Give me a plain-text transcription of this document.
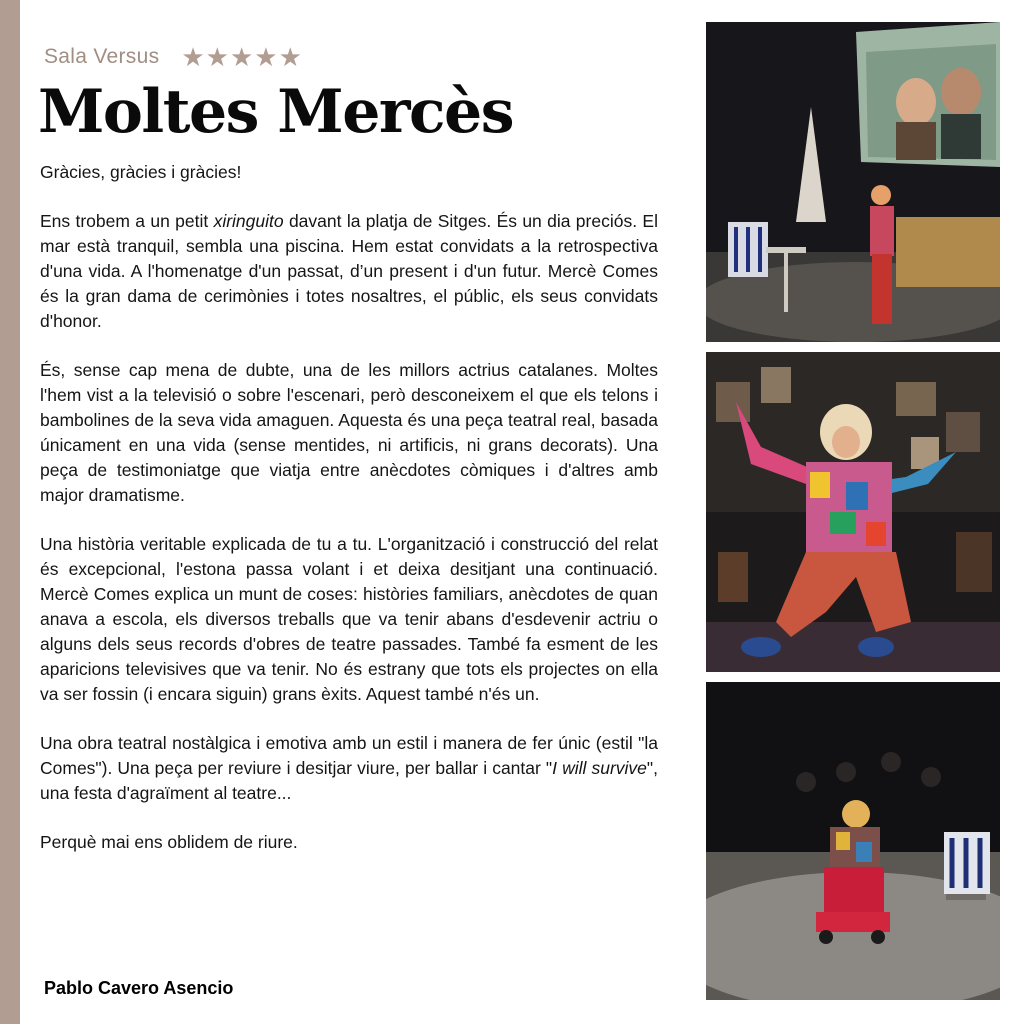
Sala Versus ★★★★★
Moltes Mercès

Gràcies, gràcies i gràcies!

Ens trobem a un petit xiringuito davant la platja de Sitges. És un dia preciós. El mar està tranquil, sembla una piscina. Hem estat convidats a la retrospectiva d'una vida. A l'homenatge d'un passat, d’un present i d'un futur. Mercè Comes és la gran dama de cerimònies i totes nosaltres, el públic, els seus convidats d'honor.

És, sense cap mena de dubte, una de les millors actrius catalanes. Moltes l'hem vist a la televisió o sobre l'escenari, però desconeixem el que els telons i bambolines de la seva vida amaguen. Aquesta és una peça teatral real, basada únicament en una vida (sense mentides, ni artificis, ni grans decorats). Una peça de testimoniatge que viatja entre anècdotes còmiques i d'altres amb major dramatisme.

Una història veritable explicada de tu a tu. L'organització i construcció del relat és excepcional, l'estona passa volant i et deixa desitjant una continuació. Mercè Comes explica un munt de coses: històries familiars, anècdotes de quan anava a escola, els diversos treballs que va tenir abans d'esdevenir actriu o alguns dels seus records d'obres de teatre passades. També fa esment de les aparicions televisives que va tenir. No és estrany que tots els projectes on ella va ser fossin (i encara siguin) grans èxits. Aquest també n'és un.

Una obra teatral nostàlgica i emotiva amb un estil i manera de fer únic (estil "la Comes"). Una peça per reviure i desitjar viure, per ballar i cantar "I will survive", una festa d'agraïment al teatre...

Perquè mai ens oblidem de riure.

Pablo Cavero Asencio
